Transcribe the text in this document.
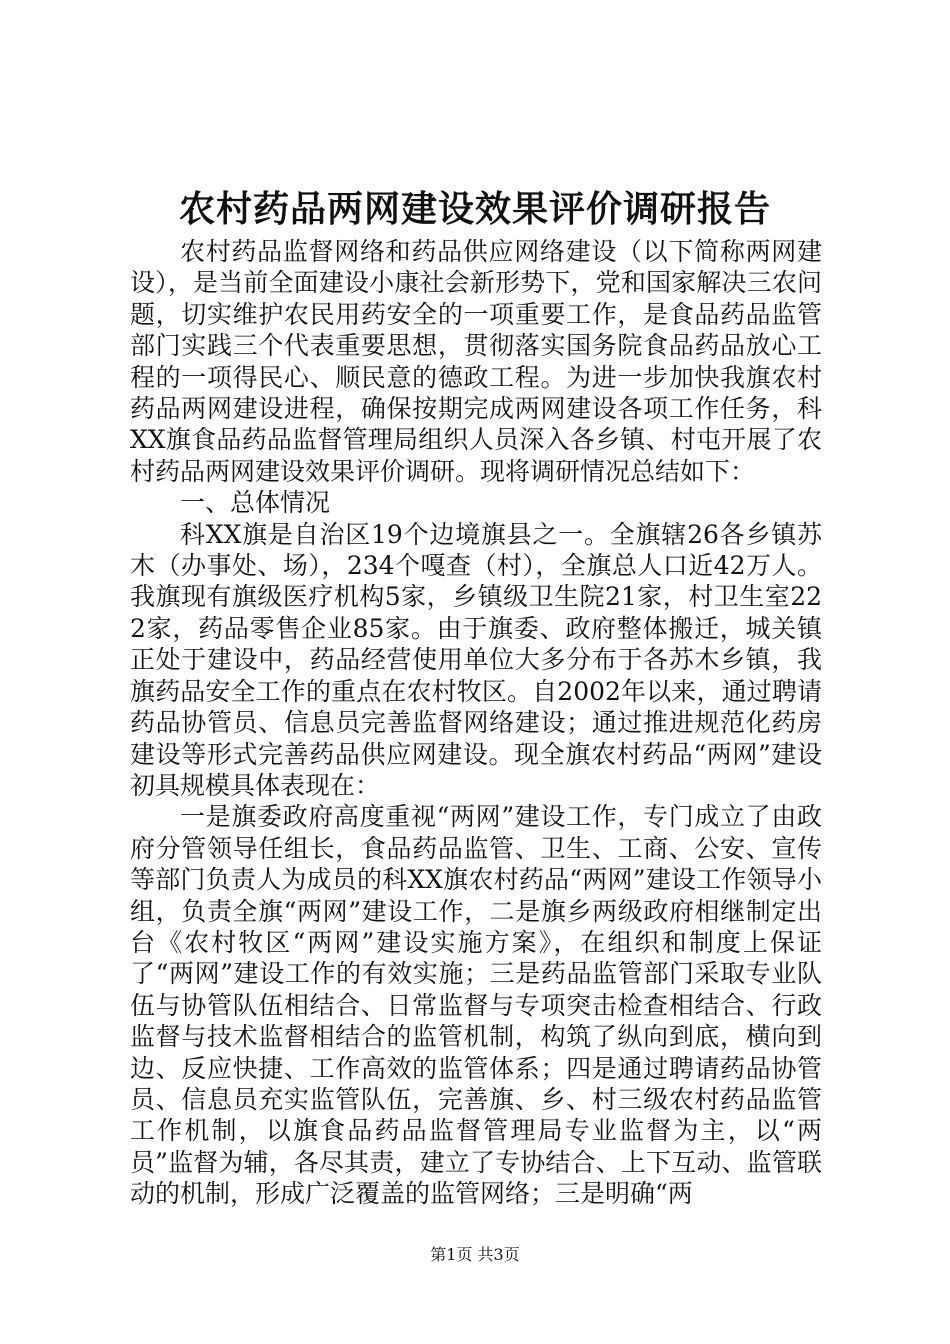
农村药品两网建设效果评价调研报告

农村药品监督网络和药品供应网络建设（以下简称两网建设），是当前全面建设小康社会新形势下，党和国家解决三农问题，切实维护农民用药安全的一项重要工作，是食品药品监管部门实践三个代表重要思想，贯彻落实国务院食品药品放心工程的一项得民心、顺民意的德政工程。为进一步加快我旗农村药品两网建设进程，确保按期完成两网建设各项工作任务，科XX旗食品药品监督管理局组织人员深入各乡镇、村屯开展了农村药品两网建设效果评价调研。现将调研情况总结如下：

一、总体情况

科XX旗是自治区19个边境旗县之一。全旗辖26各乡镇苏木（办事处、场），234个嘎查（村），全旗总人口近42万人。我旗现有旗级医疗机构5家，乡镇级卫生院21家，村卫生室222家，药品零售企业85家。由于旗委、政府整体搬迁，城关镇正处于建设中，药品经营使用单位大多分布于各苏木乡镇，我旗药品安全工作的重点在农村牧区。自2002年以来，通过聘请药品协管员、信息员完善监督网络建设；通过推进规范化药房建设等形式完善药品供应网建设。现全旗农村药品“两网”建设初具规模具体表现在：

一是旗委政府高度重视“两网”建设工作，专门成立了由政府分管领导任组长，食品药品监管、卫生、工商、公安、宣传等部门负责人为成员的科XX旗农村药品“两网”建设工作领导小组，负责全旗“两网”建设工作，二是旗乡两级政府相继制定出台《农村牧区“两网”建设实施方案》，在组织和制度上保证了“两网”建设工作的有效实施；三是药品监管部门采取专业队伍与协管队伍相结合、日常监督与专项突击检查相结合、行政监督与技术监督相结合的监管机制，构筑了纵向到底，横向到边、反应快捷、工作高效的监管体系；四是通过聘请药品协管员、信息员充实监管队伍，完善旗、乡、村三级农村药品监管工作机制，以旗食品药品监督管理局专业监督为主，以“两员”监督为辅，各尽其责，建立了专协结合、上下互动、监管联动的机制，形成广泛覆盖的监管网络；三是明确“两

第1页 共3页
